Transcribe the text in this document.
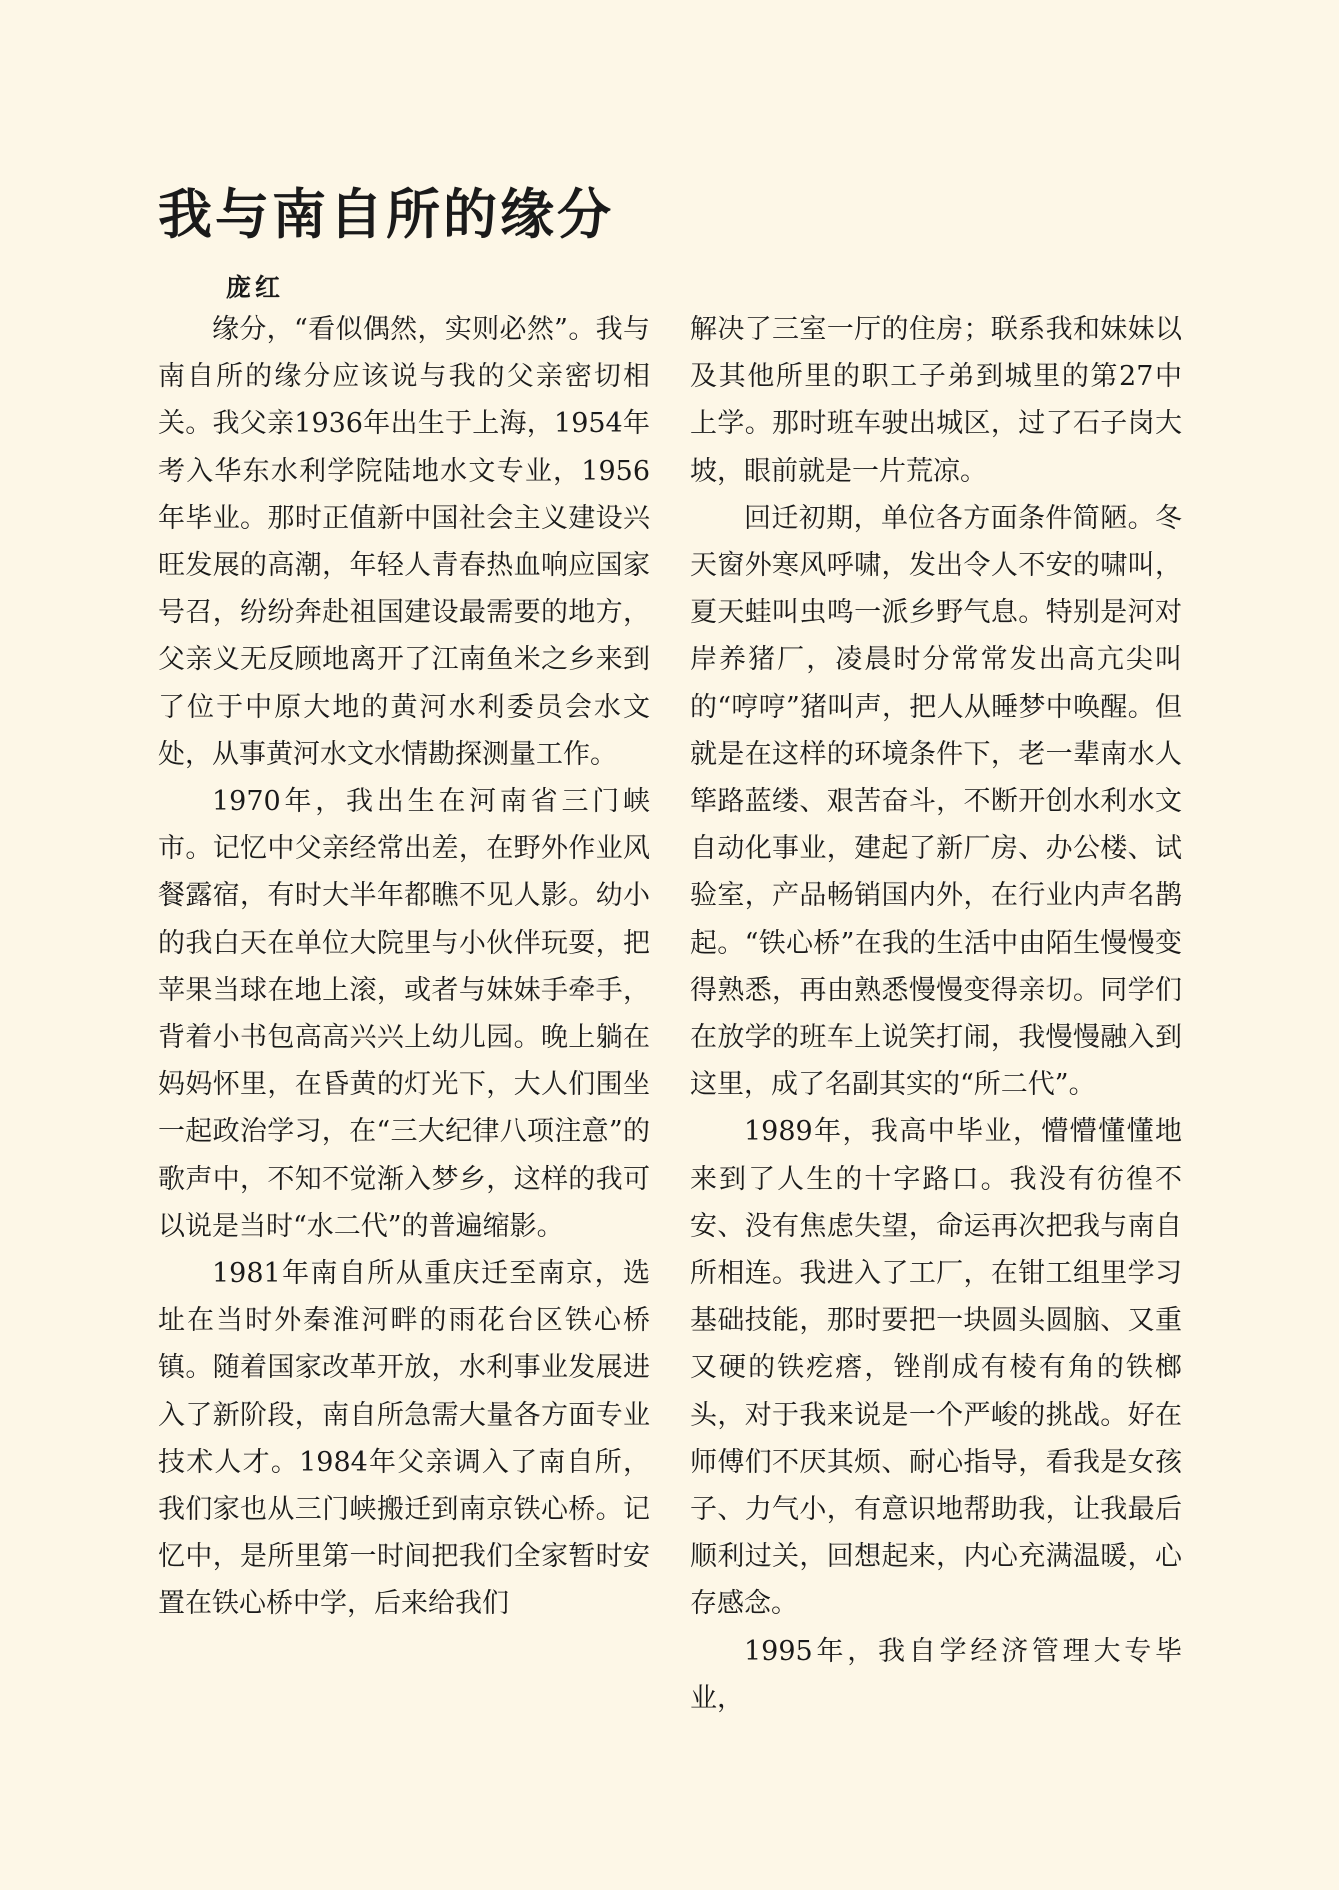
我与南自所的缘分
庞红

缘分，“看似偶然，实则必然”。我与南自所的缘分应该说与我的父亲密切相关。我父亲1936年出生于上海，1954年考入华东水利学院陆地水文专业，1956年毕业。那时正值新中国社会主义建设兴旺发展的高潮，年轻人青春热血响应国家号召，纷纷奔赴祖国建设最需要的地方，父亲义无反顾地离开了江南鱼米之乡来到了位于中原大地的黄河水利委员会水文处，从事黄河水文水情勘探测量工作。

1970年，我出生在河南省三门峡市。记忆中父亲经常出差，在野外作业风餐露宿，有时大半年都瞧不见人影。幼小的我白天在单位大院里与小伙伴玩耍，把苹果当球在地上滚，或者与妹妹手牵手，背着小书包高高兴兴上幼儿园。晚上躺在妈妈怀里，在昏黄的灯光下，大人们围坐一起政治学习，在“三大纪律八项注意”的歌声中，不知不觉渐入梦乡，这样的我可以说是当时“水二代”的普遍缩影。

1981年南自所从重庆迁至南京，选址在当时外秦淮河畔的雨花台区铁心桥镇。随着国家改革开放，水利事业发展进入了新阶段，南自所急需大量各方面专业技术人才。1984年父亲调入了南自所，我们家也从三门峡搬迁到南京铁心桥。记忆中，是所里第一时间把我们全家暂时安置在铁心桥中学，后来给我们

解决了三室一厅的住房；联系我和妹妹以及其他所里的职工子弟到城里的第27中上学。那时班车驶出城区，过了石子岗大坡，眼前就是一片荒凉。

回迁初期，单位各方面条件简陋。冬天窗外寒风呼啸，发出令人不安的啸叫，夏天蛙叫虫鸣一派乡野气息。特别是河对岸养猪厂，凌晨时分常常发出高亢尖叫的“哼哼”猪叫声，把人从睡梦中唤醒。但就是在这样的环境条件下，老一辈南水人筚路蓝缕、艰苦奋斗，不断开创水利水文自动化事业，建起了新厂房、办公楼、试验室，产品畅销国内外，在行业内声名鹊起。“铁心桥”在我的生活中由陌生慢慢变得熟悉，再由熟悉慢慢变得亲切。同学们在放学的班车上说笑打闹，我慢慢融入到这里，成了名副其实的“所二代”。

1989年，我高中毕业，懵懵懂懂地来到了人生的十字路口。我没有彷徨不安、没有焦虑失望，命运再次把我与南自所相连。我进入了工厂，在钳工组里学习基础技能，那时要把一块圆头圆脑、又重又硬的铁疙瘩，锉削成有棱有角的铁榔头，对于我来说是一个严峻的挑战。好在师傅们不厌其烦、耐心指导，看我是女孩子、力气小，有意识地帮助我，让我最后顺利过关，回想起来，内心充满温暖，心存感念。

1995年，我自学经济管理大专毕业，
